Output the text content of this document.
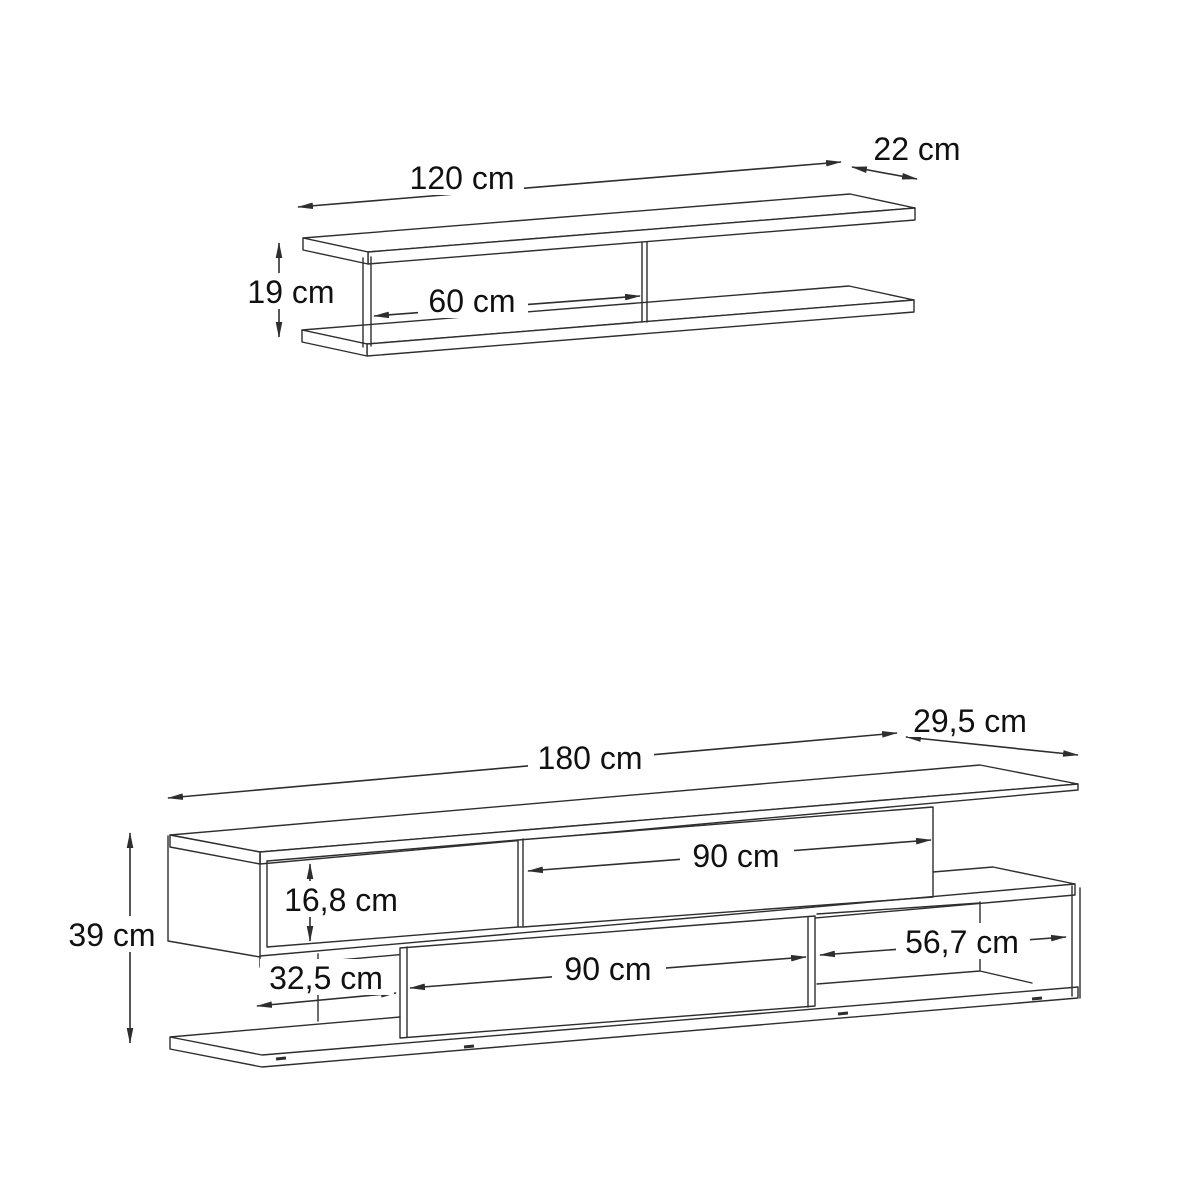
120 cm
22 cm
19 cm	60 cm
180 cm
29,5 cm
39 cm
16,8 cm
90 cm
90 cm
56,7 cm
32,5 cm
